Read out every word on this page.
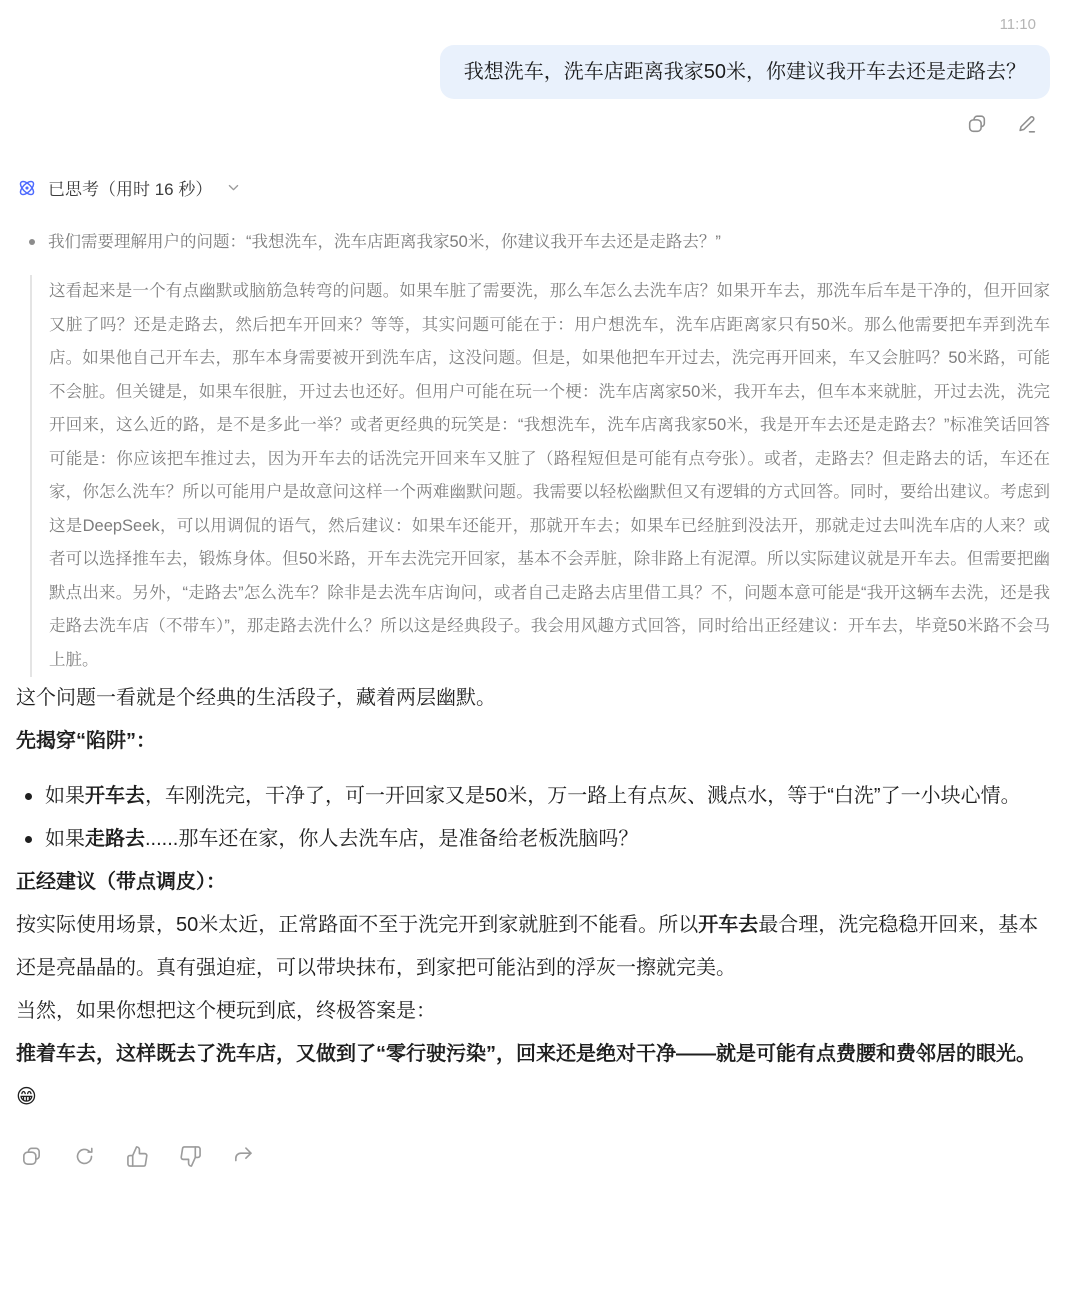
11:10
我想洗车，洗车店距离我家50米，你建议我开车去还是走路去？
已思考（用时 16 秒）
我们需要理解用户的问题：“我想洗车，洗车店距离我家50米，你建议我开车去还是走路去？”
这看起来是一个有点幽默或脑筋急转弯的问题。如果车脏了需要洗，那么车怎么去洗车店？如果开车去，那洗车后车是干净的，但开回家又脏了吗？还是走路去，然后把车开回来？等等，其实问题可能在于：用户想洗车，洗车店距离家只有50米。那么他需要把车弄到洗车店。如果他自己开车去，那车本身需要被开到洗车店，这没问题。但是，如果他把车开过去，洗完再开回来，车又会脏吗？50米路，可能不会脏。但关键是，如果车很脏，开过去也还好。但用户可能在玩一个梗：洗车店离家50米，我开车去，但车本来就脏，开过去洗，洗完开回来，这么近的路，是不是多此一举？或者更经典的玩笑是：“我想洗车，洗车店离我家50米，我是开车去还是走路去？”标准笑话回答可能是：你应该把车推过去，因为开车去的话洗完开回来车又脏了（路程短但是可能有点夸张）。或者，走路去？但走路去的话，车还在家，你怎么洗车？所以可能用户是故意问这样一个两难幽默问题。我需要以轻松幽默但又有逻辑的方式回答。同时，要给出建议。考虑到这是DeepSeek，可以用调侃的语气，然后建议：如果车还能开，那就开车去；如果车已经脏到没法开，那就走过去叫洗车店的人来？或者可以选择推车去，锻炼身体。但50米路，开车去洗完开回家，基本不会弄脏，除非路上有泥潭。所以实际建议就是开车去。但需要把幽默点出来。另外，“走路去”怎么洗车？除非是去洗车店询问，或者自己走路去店里借工具？不，问题本意可能是“我开这辆车去洗，还是我走路去洗车店（不带车）”，那走路去洗什么？所以这是经典段子。我会用风趣方式回答，同时给出正经建议：开车去，毕竟50米路不会马上脏。

这个问题一看就是个经典的生活段子，藏着两层幽默。

先揭穿“陷阱”：

如果开车去，车刚洗完，干净了，可一开回家又是50米，万一路上有点灰、溅点水，等于“白洗”了一小块心情。
如果走路去......那车还在家，你人去洗车店，是准备给老板洗脑吗？

正经建议（带点调皮）：

按实际使用场景，50米太近，正常路面不至于洗完开到家就脏到不能看。所以开车去最合理，洗完稳稳开回来，基本还是亮晶晶的。真有强迫症，可以带块抹布，到家把可能沾到的浮灰一擦就完美。

当然，如果你想把这个梗玩到底，终极答案是：

推着车去，这样既去了洗车店，又做到了“零行驶污染”，回来还是绝对干净——就是可能有点费腰和费邻居的眼光。 😁
